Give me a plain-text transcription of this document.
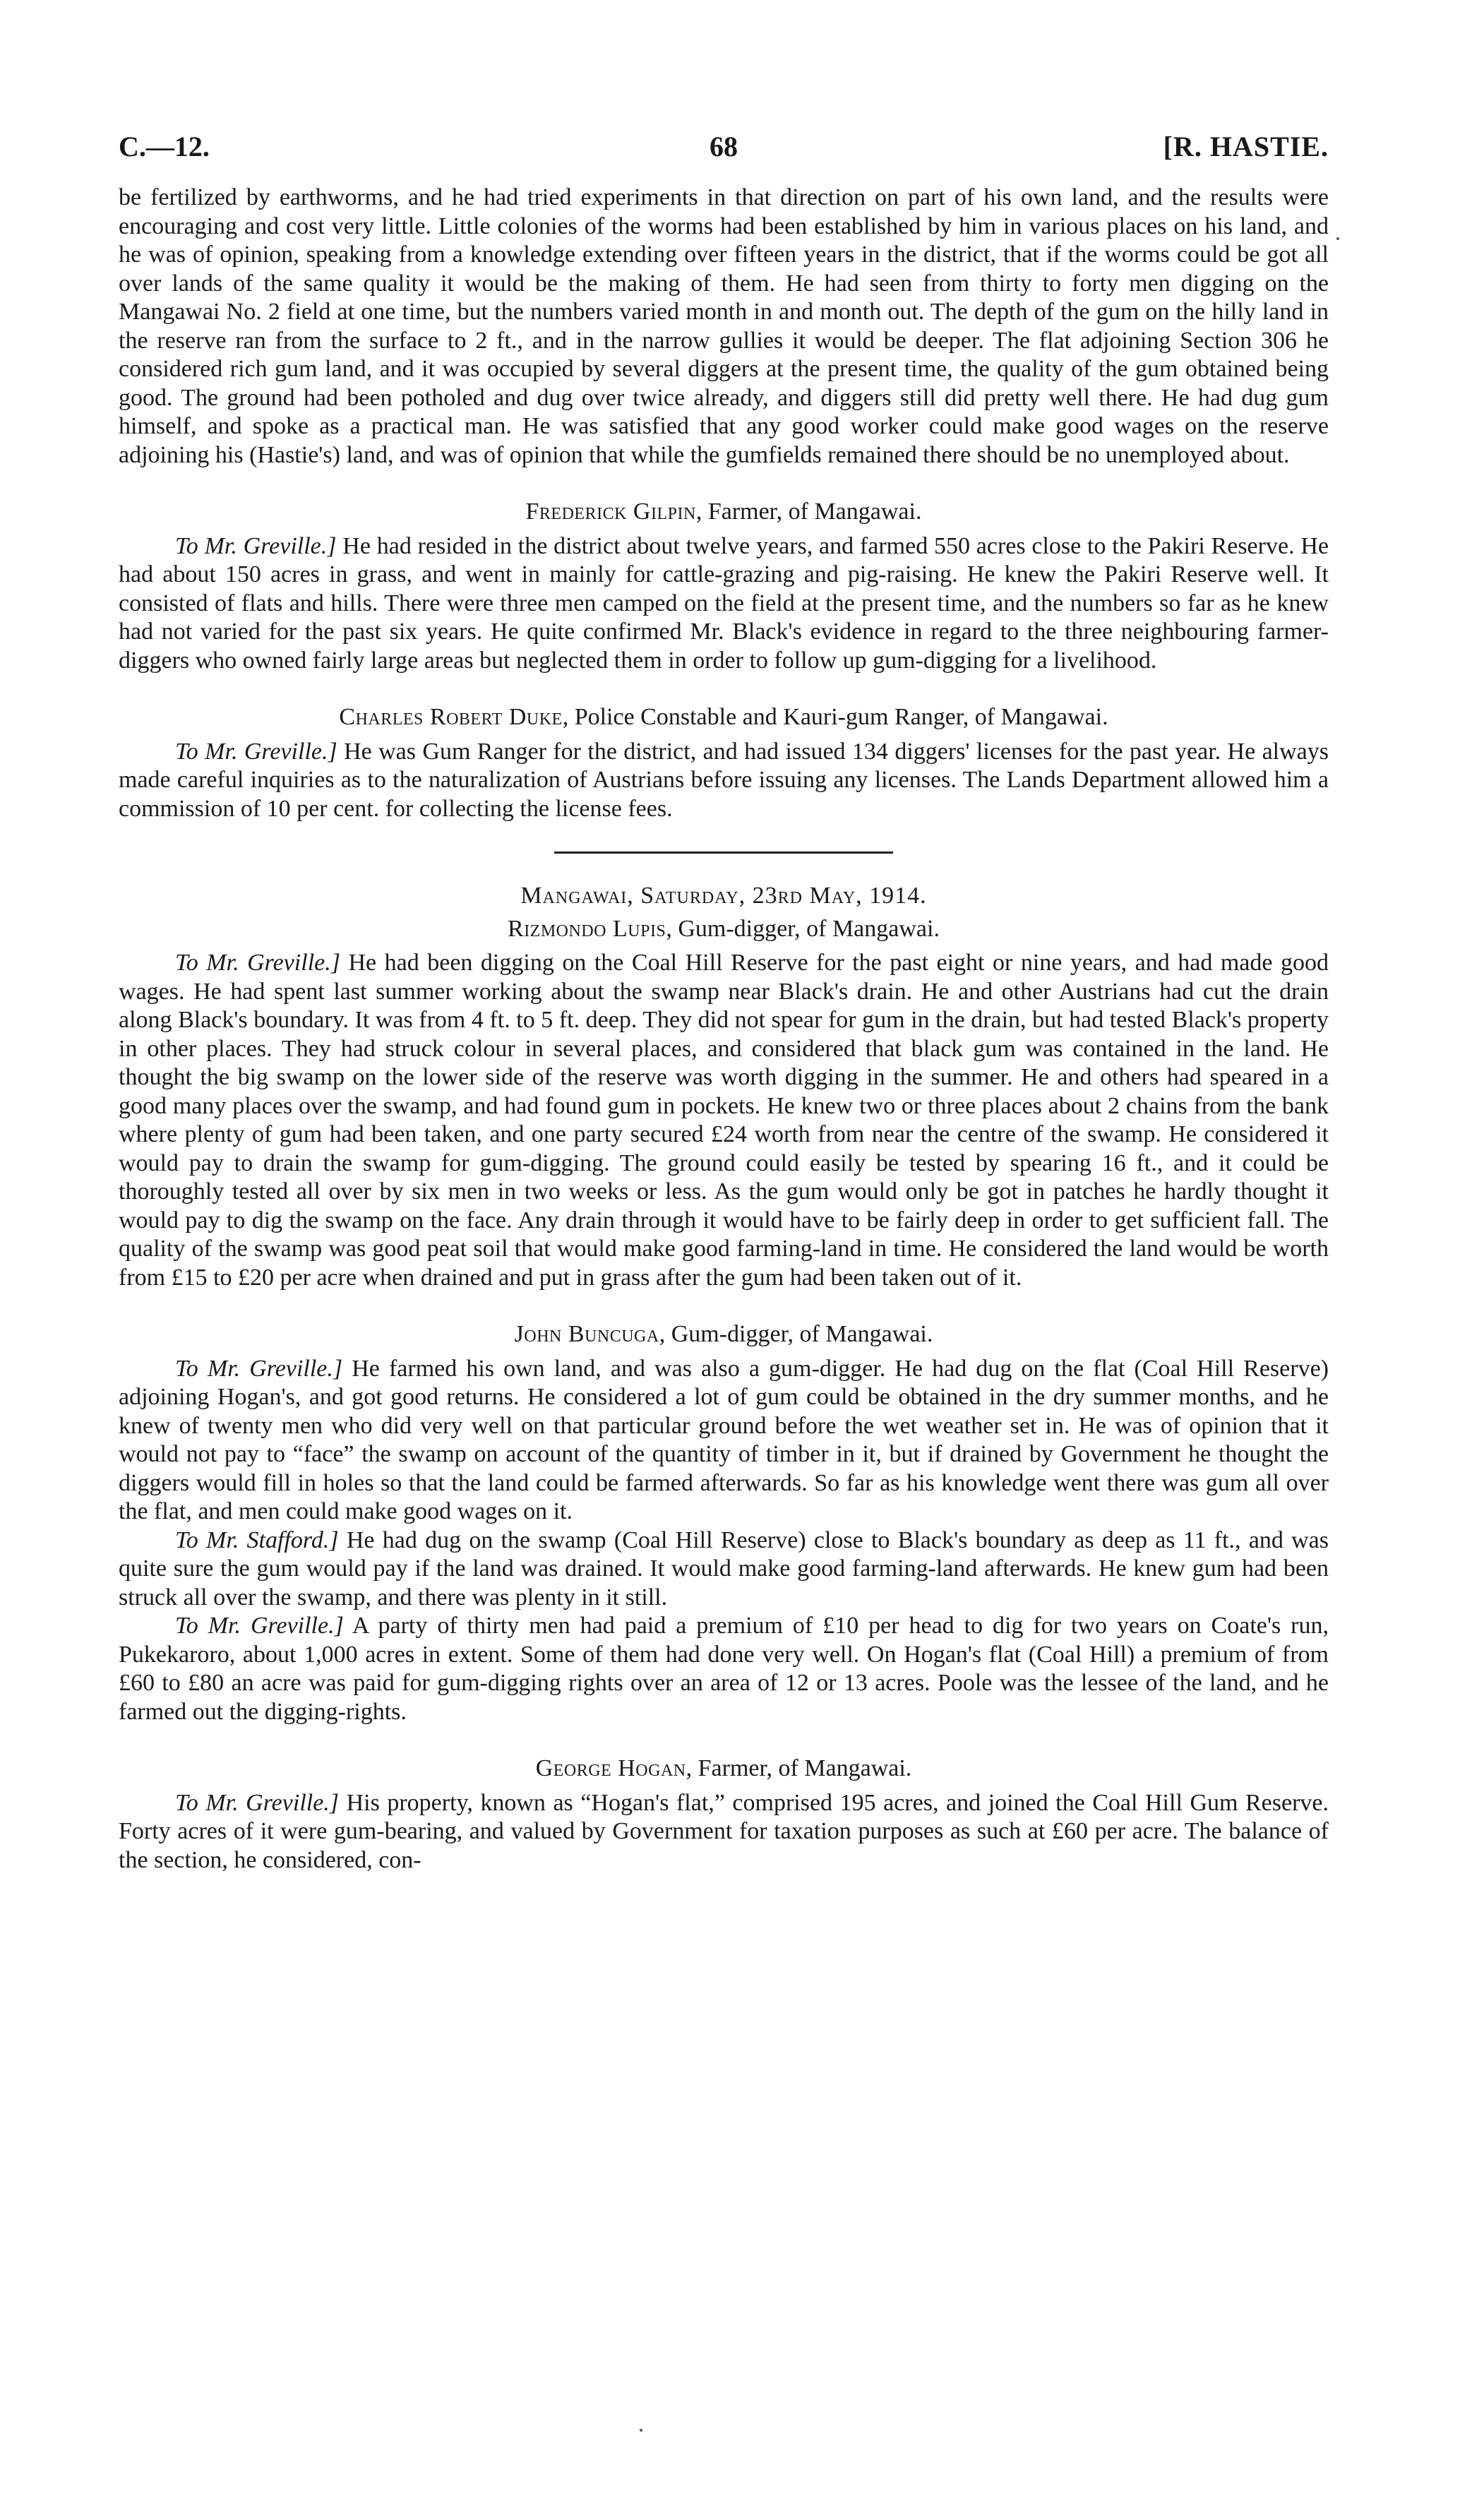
C.—12.	68	[R. HASTIE.

be fertilized by earthworms, and he had tried experiments in that direction on part of his own land, and the results were encouraging and cost very little. Little colonies of the worms had been established by him in various places on his land, and he was of opinion, speaking from a knowledge extending over fifteen years in the district, that if the worms could be got all over lands of the same quality it would be the making of them. He had seen from thirty to forty men digging on the Mangawai No. 2 field at one time, but the numbers varied month in and month out. The depth of the gum on the hilly land in the reserve ran from the surface to 2 ft., and in the narrow gullies it would be deeper. The flat adjoining Section 306 he considered rich gum land, and it was occupied by several diggers at the present time, the quality of the gum obtained being good. The ground had been potholed and dug over twice already, and diggers still did pretty well there. He had dug gum himself, and spoke as a practical man. He was satisfied that any good worker could make good wages on the reserve adjoining his (Hastie's) land, and was of opinion that while the gumfields remained there should be no unemployed about.

Frederick Gilpin, Farmer, of Mangawai.

To Mr. Greville.] He had resided in the district about twelve years, and farmed 550 acres close to the Pakiri Reserve. He had about 150 acres in grass, and went in mainly for cattle-grazing and pig-raising. He knew the Pakiri Reserve well. It consisted of flats and hills. There were three men camped on the field at the present time, and the numbers so far as he knew had not varied for the past six years. He quite confirmed Mr. Black's evidence in regard to the three neighbouring farmer-diggers who owned fairly large areas but neglected them in order to follow up gum-digging for a livelihood.

Charles Robert Duke, Police Constable and Kauri-gum Ranger, of Mangawai.

To Mr. Greville.] He was Gum Ranger for the district, and had issued 134 diggers' licenses for the past year. He always made careful inquiries as to the naturalization of Austrians before issuing any licenses. The Lands Department allowed him a commission of 10 per cent. for collecting the license fees.

Mangawai, Saturday, 23rd May, 1914.
Rizmondo Lupis, Gum-digger, of Mangawai.

To Mr. Greville.] He had been digging on the Coal Hill Reserve for the past eight or nine years, and had made good wages. He had spent last summer working about the swamp near Black's drain. He and other Austrians had cut the drain along Black's boundary. It was from 4 ft. to 5 ft. deep. They did not spear for gum in the drain, but had tested Black's property in other places. They had struck colour in several places, and considered that black gum was contained in the land. He thought the big swamp on the lower side of the reserve was worth digging in the summer. He and others had speared in a good many places over the swamp, and had found gum in pockets. He knew two or three places about 2 chains from the bank where plenty of gum had been taken, and one party secured £24 worth from near the centre of the swamp. He considered it would pay to drain the swamp for gum-digging. The ground could easily be tested by spearing 16 ft., and it could be thoroughly tested all over by six men in two weeks or less. As the gum would only be got in patches he hardly thought it would pay to dig the swamp on the face. Any drain through it would have to be fairly deep in order to get sufficient fall. The quality of the swamp was good peat soil that would make good farming-land in time. He considered the land would be worth from £15 to £20 per acre when drained and put in grass after the gum had been taken out of it.

John Buncuga, Gum-digger, of Mangawai.

To Mr. Greville.] He farmed his own land, and was also a gum-digger. He had dug on the flat (Coal Hill Reserve) adjoining Hogan's, and got good returns. He considered a lot of gum could be obtained in the dry summer months, and he knew of twenty men who did very well on that particular ground before the wet weather set in. He was of opinion that it would not pay to “face” the swamp on account of the quantity of timber in it, but if drained by Government he thought the diggers would fill in holes so that the land could be farmed afterwards. So far as his knowledge went there was gum all over the flat, and men could make good wages on it.

To Mr. Stafford.] He had dug on the swamp (Coal Hill Reserve) close to Black's boundary as deep as 11 ft., and was quite sure the gum would pay if the land was drained. It would make good farming-land afterwards. He knew gum had been struck all over the swamp, and there was plenty in it still.

To Mr. Greville.] A party of thirty men had paid a premium of £10 per head to dig for two years on Coate's run, Pukekaroro, about 1,000 acres in extent. Some of them had done very well. On Hogan's flat (Coal Hill) a premium of from £60 to £80 an acre was paid for gum-digging rights over an area of 12 or 13 acres. Poole was the lessee of the land, and he farmed out the digging-rights.

George Hogan, Farmer, of Mangawai.

To Mr. Greville.] His property, known as “Hogan's flat,” comprised 195 acres, and joined the Coal Hill Gum Reserve. Forty acres of it were gum-bearing, and valued by Government for taxation purposes as such at £60 per acre. The balance of the section, he considered, con-
